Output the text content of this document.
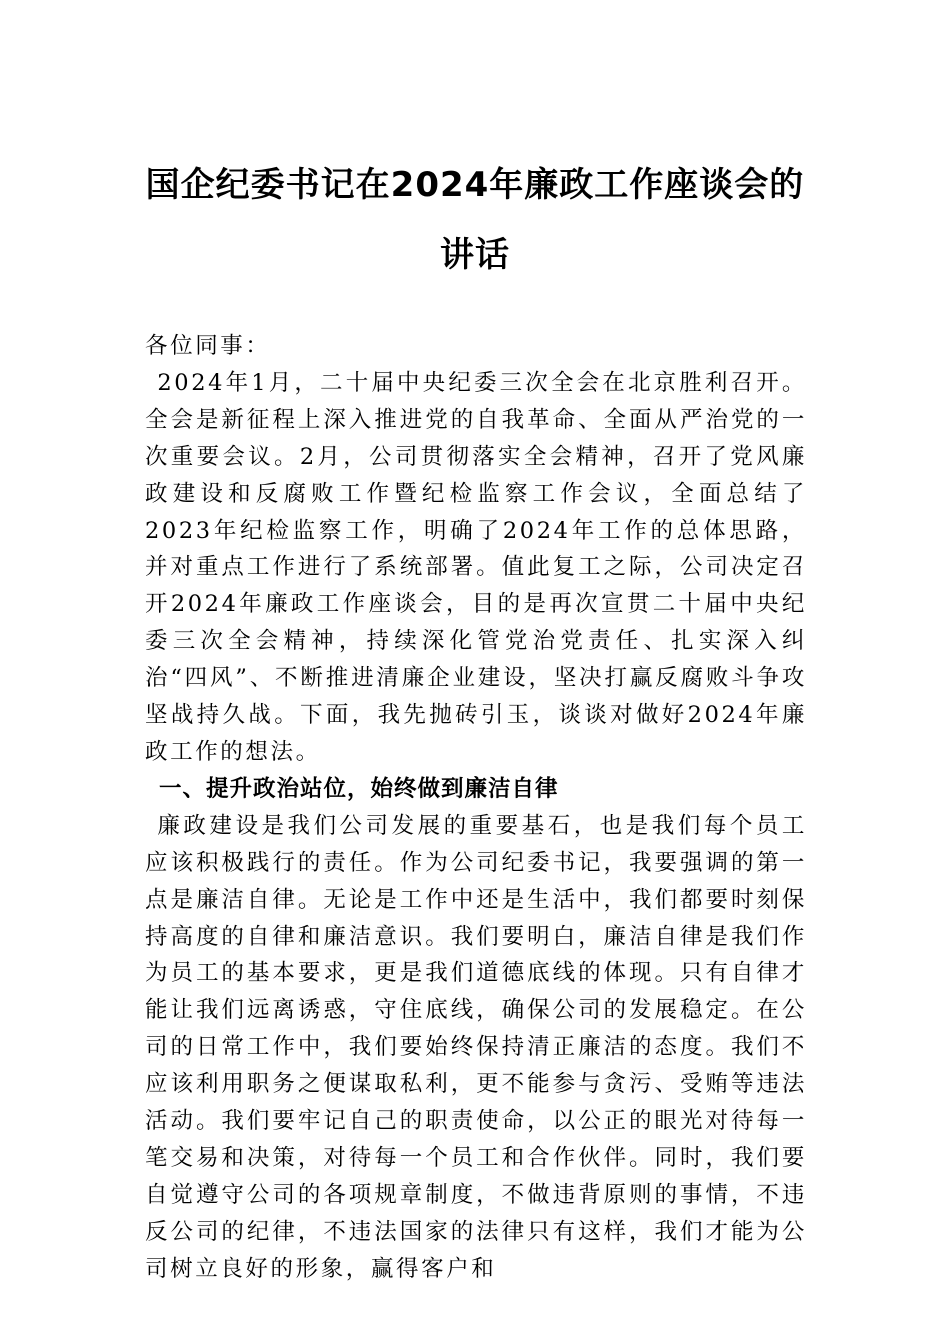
国企纪委书记在2024年廉政工作座谈会的
讲话

各位同事：

2024年1月，二十届中央纪委三次全会在北京胜利召开。全会是新征程上深入推进党的自我革命、全面从严治党的一次重要会议。2月，公司贯彻落实全会精神，召开了党风廉政建设和反腐败工作暨纪检监察工作会议，全面总结了2023年纪检监察工作，明确了2024年工作的总体思路，并对重点工作进行了系统部署。值此复工之际，公司决定召开2024年廉政工作座谈会，目的是再次宣贯二十届中央纪委三次全会精神，持续深化管党治党责任、扎实深入纠治“四风”、不断推进清廉企业建设，坚决打赢反腐败斗争攻坚战持久战。下面，我先抛砖引玉，谈谈对做好2024年廉政工作的想法。

一、提升政治站位，始终做到廉洁自律

廉政建设是我们公司发展的重要基石，也是我们每个员工应该积极践行的责任。作为公司纪委书记，我要强调的第一点是廉洁自律。无论是工作中还是生活中，我们都要时刻保持高度的自律和廉洁意识。我们要明白，廉洁自律是我们作为员工的基本要求，更是我们道德底线的体现。只有自律才能让我们远离诱惑，守住底线，确保公司的发展稳定。在公司的日常工作中，我们要始终保持清正廉洁的态度。我们不应该利用职务之便谋取私利，更不能参与贪污、受贿等违法活动。我们要牢记自己的职责使命，以公正的眼光对待每一笔交易和决策，对待每一个员工和合作伙伴。同时，我们要自觉遵守公司的各项规章制度，不做违背原则的事情，不违反公司的纪律，不违法国家的法律只有这样，我们才能为公司树立良好的形象，赢得客户和
